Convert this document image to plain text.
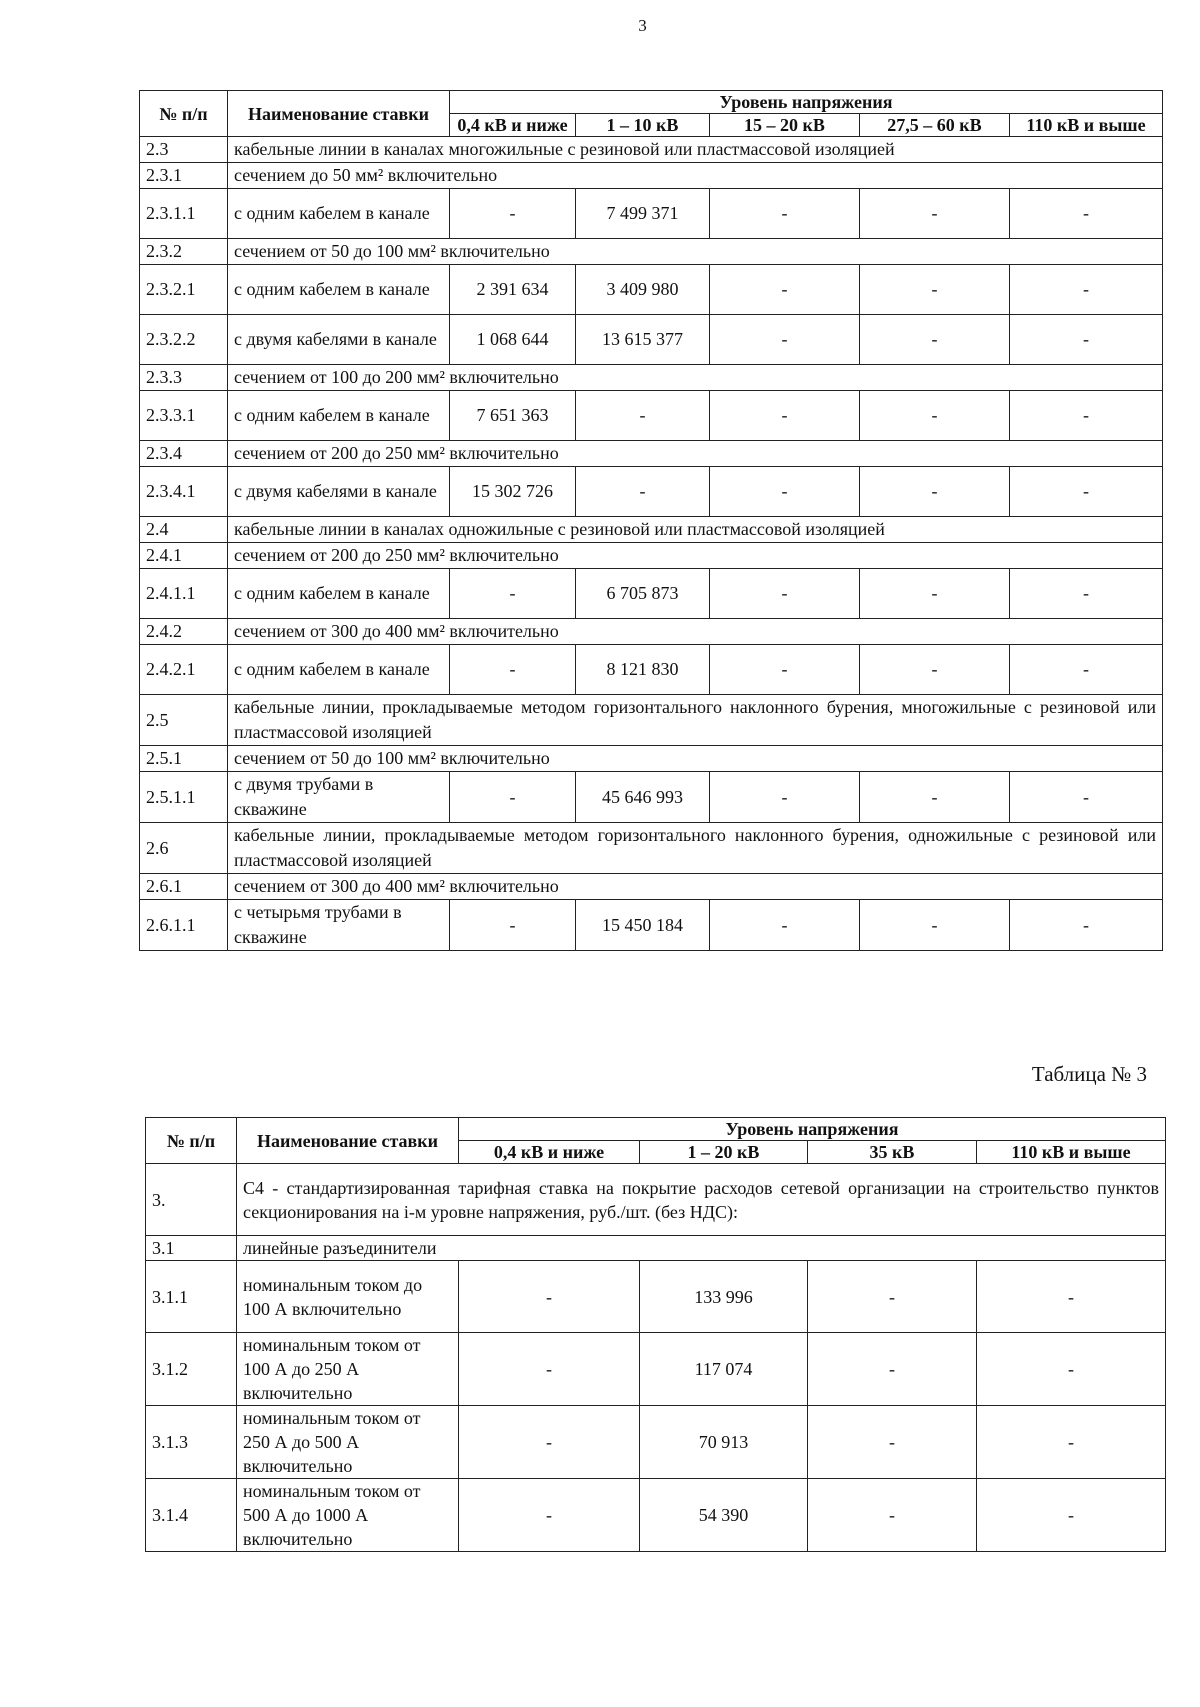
3
№ п/п	Наименование ставки	Уровень напряжения				
		0,4 кВ и ниже	1 – 10 кВ	15 – 20 кВ	27,5 – 60 кВ	110 кВ и выше
2.3	кабельные линии в каналах многожильные с резиновой или пластмассовой изоляцией					
2.3.1	сечением до 50 мм² включительно					
2.3.1.1	с одним кабелем в канале	-	7 499 371	-	-	-
2.3.2	сечением от 50 до 100 мм² включительно					
2.3.2.1	с одним кабелем в канале	2 391 634	3 409 980	-	-	-
2.3.2.2	с двумя кабелями в канале	1 068 644	13 615 377	-	-	-
2.3.3	сечением от 100 до 200 мм² включительно					
2.3.3.1	с одним кабелем в канале	7 651 363	-	-	-	-
2.3.4	сечением от 200 до 250 мм² включительно					
2.3.4.1	с двумя кабелями в канале	15 302 726	-	-	-	-
2.4	кабельные линии в каналах одножильные с резиновой или пластмассовой изоляцией					
2.4.1	сечением от 200 до 250 мм² включительно					
2.4.1.1	с одним кабелем в канале	-	6 705 873	-	-	-
2.4.2	сечением от 300 до 400 мм² включительно					
2.4.2.1	с одним кабелем в канале	-	8 121 830	-	-	-
2.5	кабельные линии, прокладываемые методом горизонтального наклонного бурения, многожильные с резиновой или пластмассовой изоляцией					
2.5.1	сечением от 50 до 100 мм² включительно					
2.5.1.1	с двумя трубами в скважине	-	45 646 993	-	-	-
2.6	кабельные линии, прокладываемые методом горизонтального наклонного бурения, одножильные с резиновой или пластмассовой изоляцией					
2.6.1	сечением от 300 до 400 мм² включительно					
2.6.1.1	с четырьмя трубами в скважине	-	15 450 184	-	-	-
Таблица № 3
№ п/п	Наименование ставки	Уровень напряжения			
		0,4 кВ и ниже	1 – 20 кВ	35 кВ	110 кВ и выше
3.	С4 - стандартизированная тарифная ставка на покрытие расходов сетевой организации на строительство пунктов секционирования на i-м уровне напряжения, руб./шт. (без НДС):				
3.1	линейные разъединители				
3.1.1	номинальным током до 100 А включительно	-	133 996	-	-
3.1.2	номинальным током от 100 А до 250 А включительно	-	117 074	-	-
3.1.3	номинальным током от 250 А до 500 А включительно	-	70 913	-	-
3.1.4	номинальным током от 500 А до 1000 А включительно	-	54 390	-	-
